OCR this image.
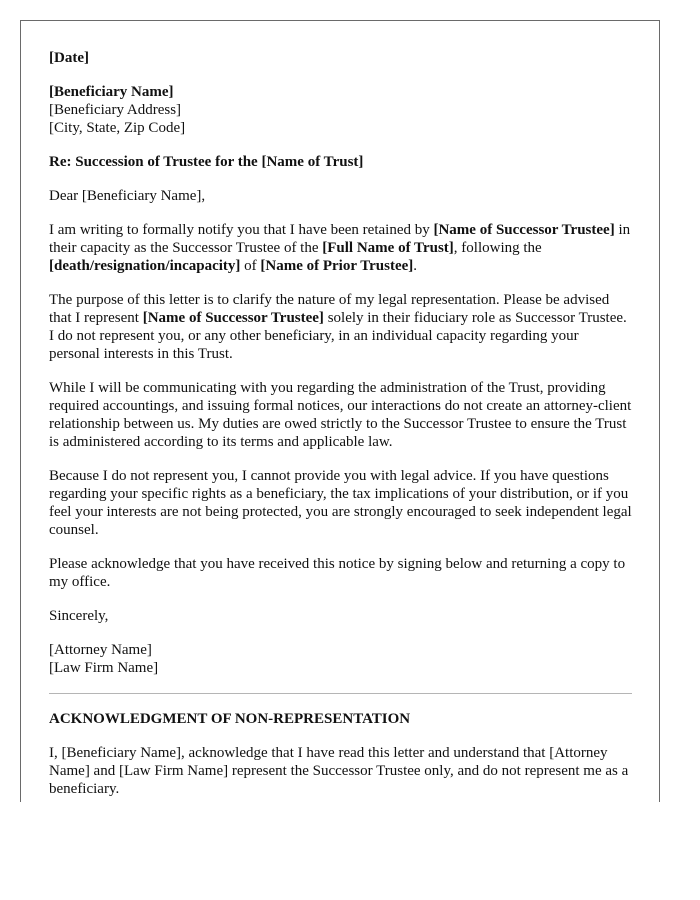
[Date]

[Beneficiary Name]
[Beneficiary Address]
[City, State, Zip Code]

Re: Succession of Trustee for the [Name of Trust]

Dear [Beneficiary Name],

I am writing to formally notify you that I have been retained by [Name of Successor Trustee] in their capacity as the Successor Trustee of the [Full Name of Trust], following the [death/resignation/incapacity] of [Name of Prior Trustee].

The purpose of this letter is to clarify the nature of my legal representation. Please be advised that I represent [Name of Successor Trustee] solely in their fiduciary role as Successor Trustee. I do not represent you, or any other beneficiary, in an individual capacity regarding your personal interests in this Trust.

While I will be communicating with you regarding the administration of the Trust, providing required accountings, and issuing formal notices, our interactions do not create an attorney-client relationship between us. My duties are owed strictly to the Successor Trustee to ensure the Trust is administered according to its terms and applicable law.

Because I do not represent you, I cannot provide you with legal advice. If you have questions regarding your specific rights as a beneficiary, the tax implications of your distribution, or if you feel your interests are not being protected, you are strongly encouraged to seek independent legal counsel.

Please acknowledge that you have received this notice by signing below and returning a copy to my office.

Sincerely,

[Attorney Name]
[Law Firm Name]

ACKNOWLEDGMENT OF NON-REPRESENTATION

I, [Beneficiary Name], acknowledge that I have read this letter and understand that [Attorney Name] and [Law Firm Name] represent the Successor Trustee only, and do not represent me as a beneficiary.
